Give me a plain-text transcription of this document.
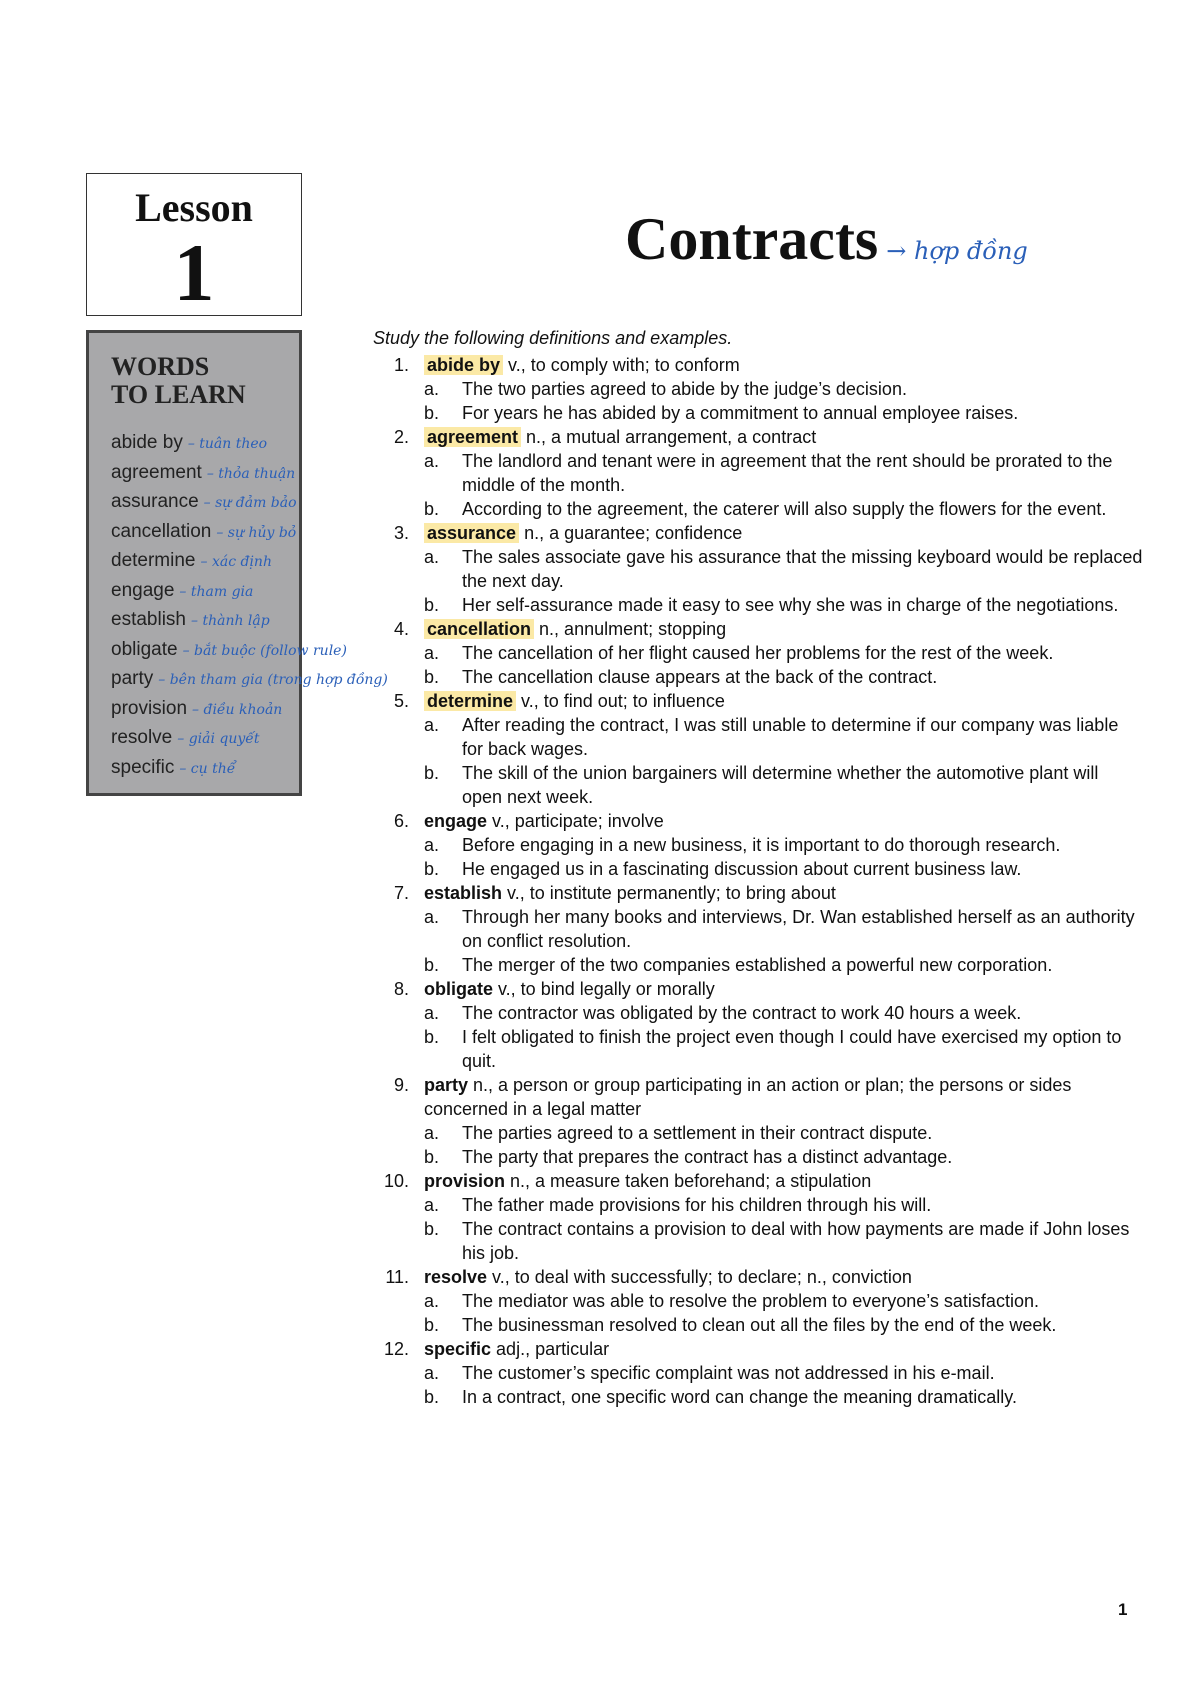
Lesson
1
WORDS
TO LEARN
abide by – tuân theo
agreement – thỏa thuận
assurance – sự đảm bảo
cancellation – sự hủy bỏ
determine – xác định
engage – tham gia
establish – thành lập
obligate – bắt buộc (follow rule)
party – bên tham gia (trong hợp đồng)
provision – điều khoản
resolve – giải quyết
specific – cụ thể
Contracts → hợp đồng
Study the following definitions and examples.
1. abide by v., to comply with; to conform
a. The two parties agreed to abide by the judge’s decision.
b. For years he has abided by a commitment to annual employee raises.
2. agreement n., a mutual arrangement, a contract
a. The landlord and tenant were in agreement that the rent should be prorated to the middle of the month.
b. According to the agreement, the caterer will also supply the flowers for the event.
3. assurance n., a guarantee; confidence
a. The sales associate gave his assurance that the missing keyboard would be replaced the next day.
b. Her self-assurance made it easy to see why she was in charge of the negotiations.
4. cancellation n., annulment; stopping
a. The cancellation of her flight caused her problems for the rest of the week.
b. The cancellation clause appears at the back of the contract.
5. determine v., to find out; to influence
a. After reading the contract, I was still unable to determine if our company was liable for back wages.
b. The skill of the union bargainers will determine whether the automotive plant will open next week.
6. engage v., participate; involve
a. Before engaging in a new business, it is important to do thorough research.
b. He engaged us in a fascinating discussion about current business law.
7. establish v., to institute permanently; to bring about
a. Through her many books and interviews, Dr. Wan established herself as an authority on conflict resolution.
b. The merger of the two companies established a powerful new corporation.
8. obligate v., to bind legally or morally
a. The contractor was obligated by the contract to work 40 hours a week.
b. I felt obligated to finish the project even though I could have exercised my option to quit.
9. party n., a person or group participating in an action or plan; the persons or sides concerned in a legal matter
a. The parties agreed to a settlement in their contract dispute.
b. The party that prepares the contract has a distinct advantage.
10. provision n., a measure taken beforehand; a stipulation
a. The father made provisions for his children through his will.
b. The contract contains a provision to deal with how payments are made if John loses his job.
11. resolve v., to deal with successfully; to declare; n., conviction
a. The mediator was able to resolve the problem to everyone’s satisfaction.
b. The businessman resolved to clean out all the files by the end of the week.
12. specific adj., particular
a. The customer’s specific complaint was not addressed in his e-mail.
b. In a contract, one specific word can change the meaning dramatically.
1
